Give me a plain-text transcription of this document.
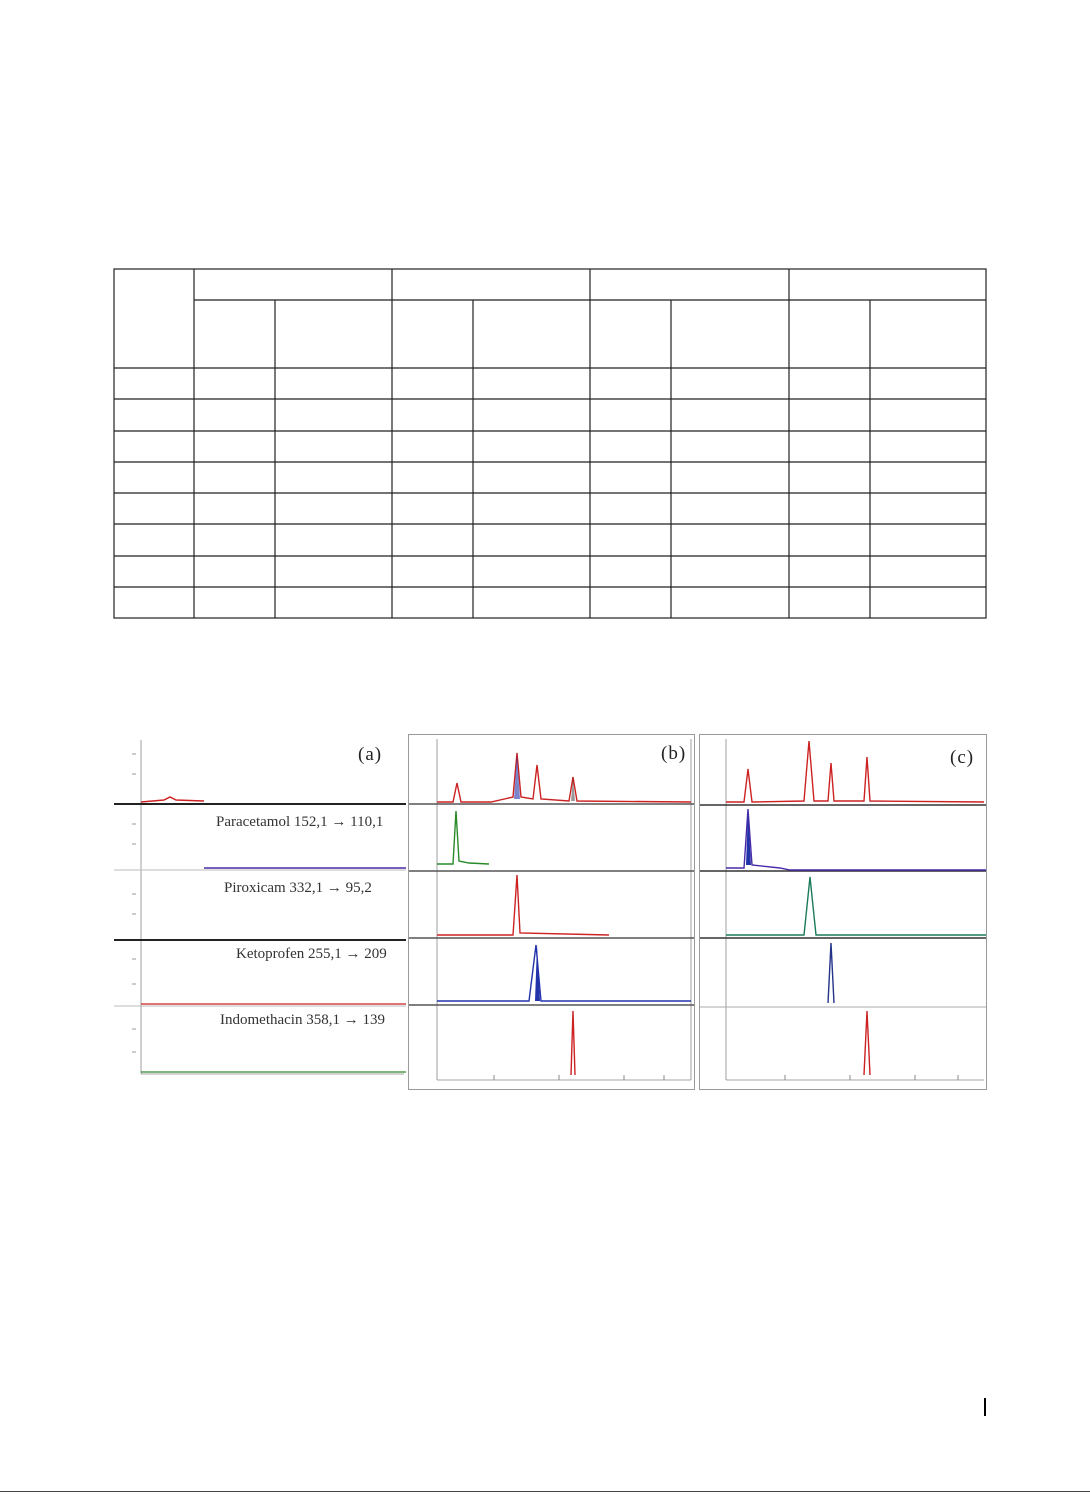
(a)
Paracetamol 152,1 → 110,1
Piroxicam 332,1 → 95,2
Ketoprofen 255,1 → 209
Indomethacin 358,1 → 139
(b)	(c)
